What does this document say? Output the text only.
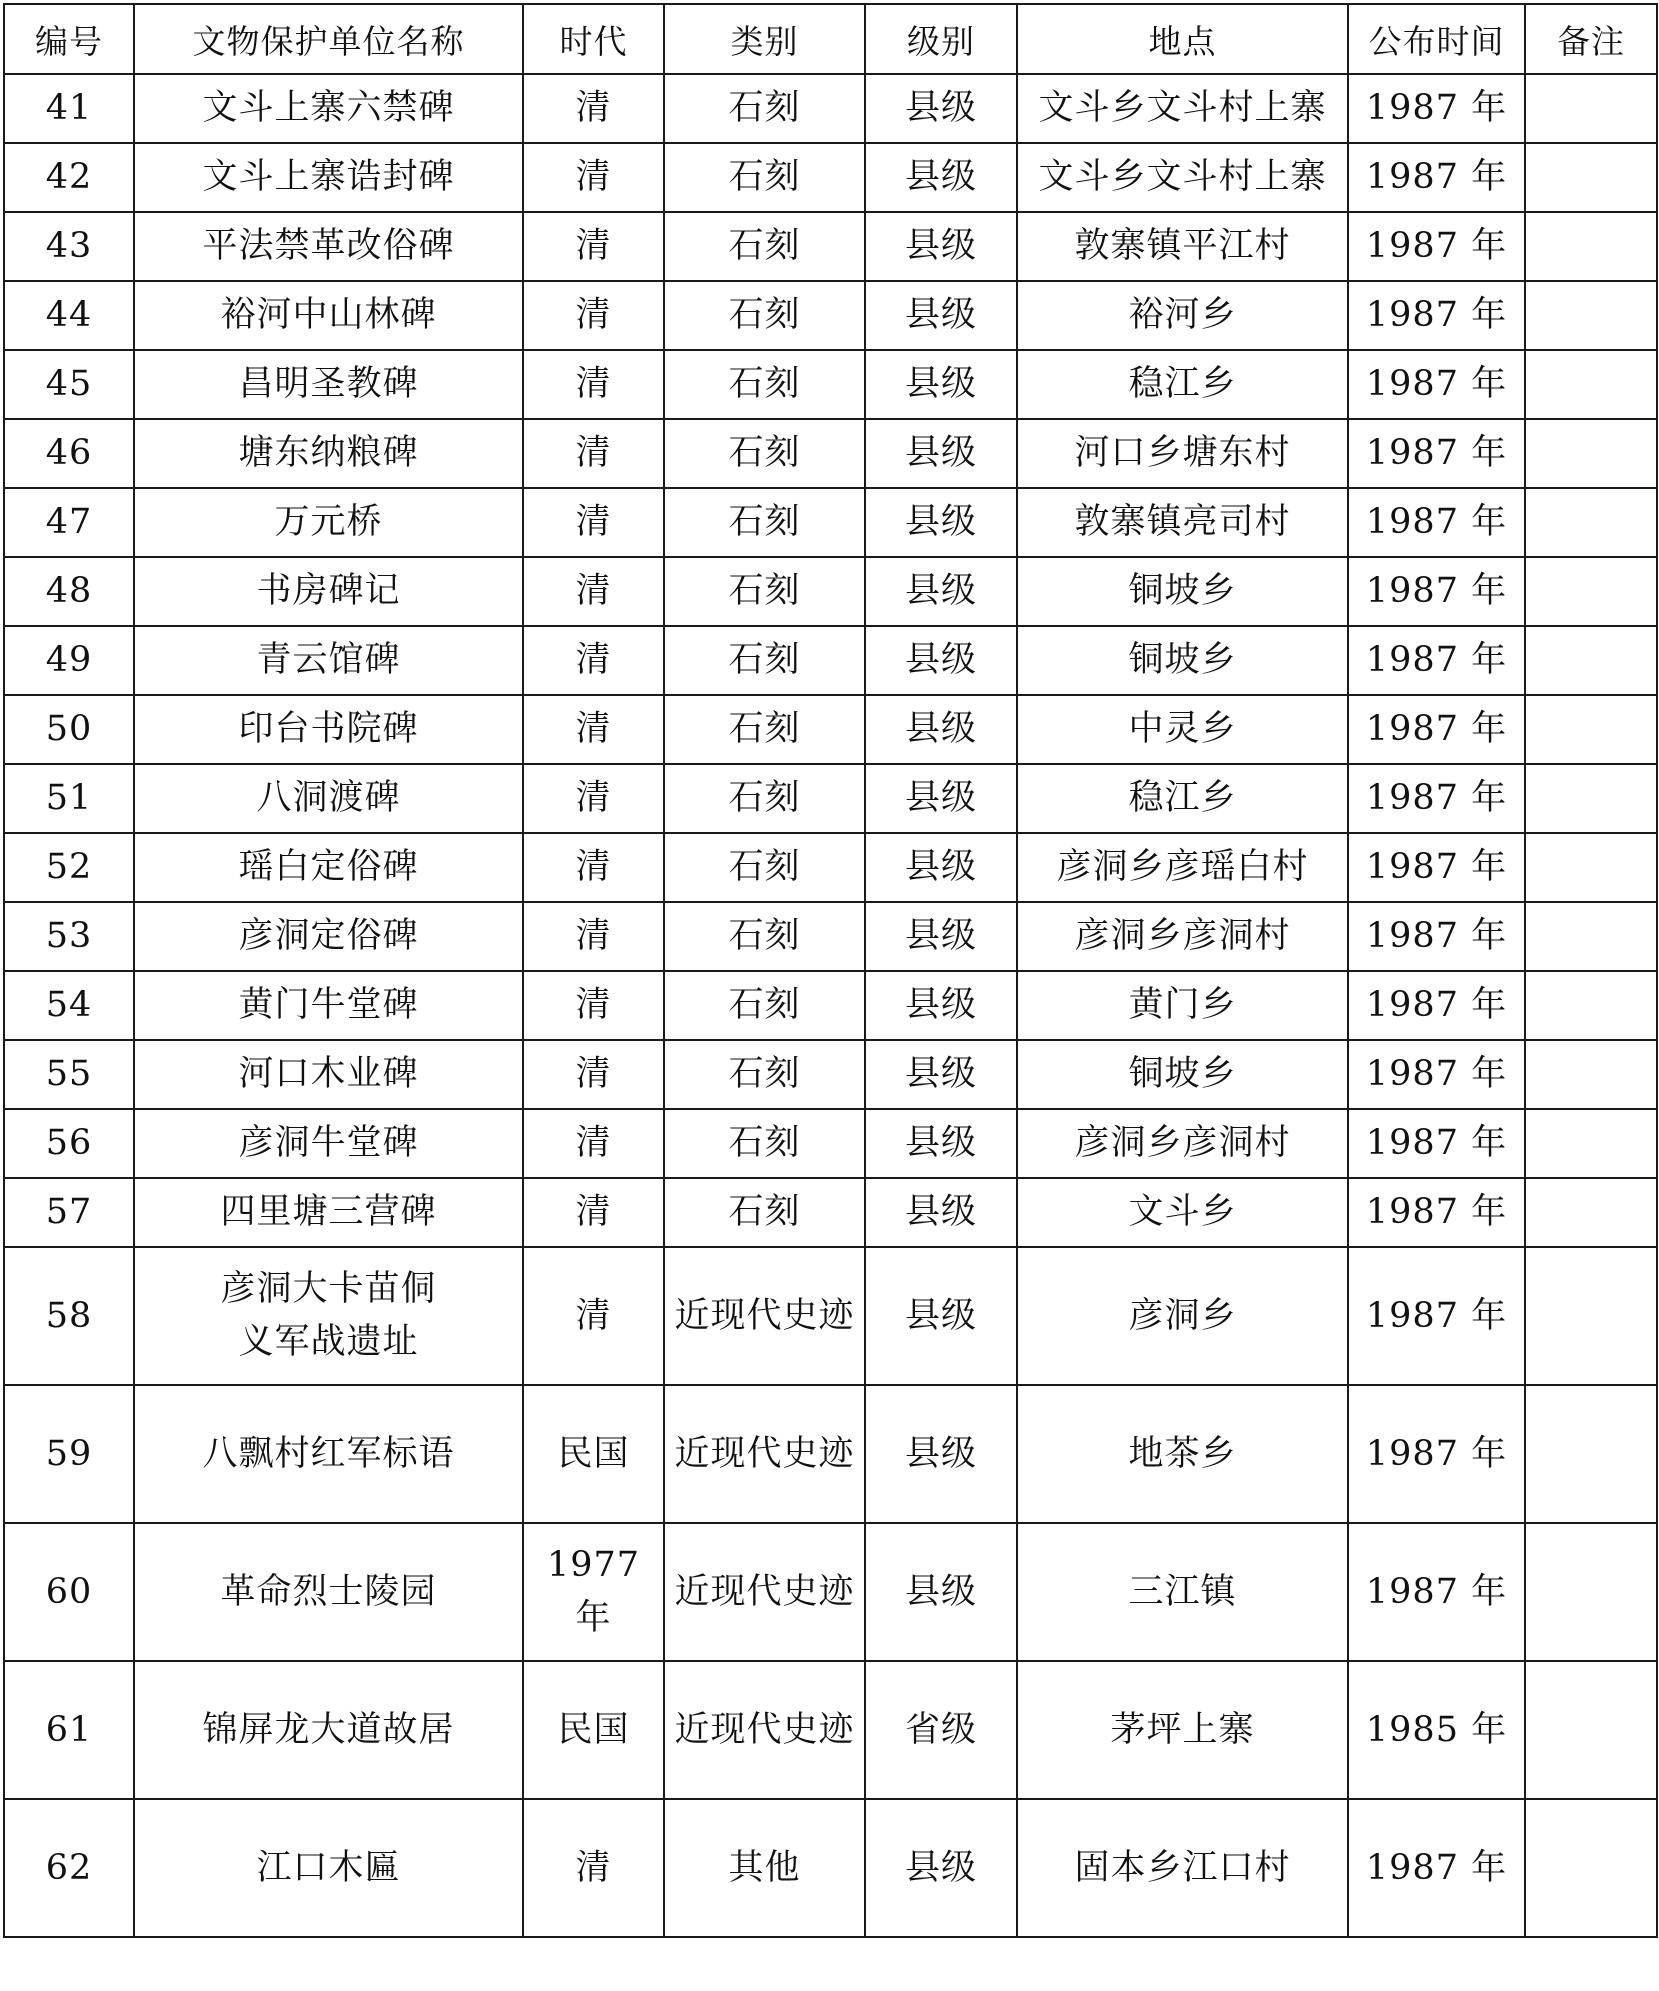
编号	文物保护单位名称	时代	类别	级别	地点	公布时间	备注
41	文斗上寨六禁碑	清	石刻	县级	文斗乡文斗村上寨	1987 年	
42	文斗上寨诰封碑	清	石刻	县级	文斗乡文斗村上寨	1987 年	
43	平法禁革改俗碑	清	石刻	县级	敦寨镇平江村	1987 年	
44	裕河中山林碑	清	石刻	县级	裕河乡	1987 年	
45	昌明圣教碑	清	石刻	县级	稳江乡	1987 年	
46	塘东纳粮碑	清	石刻	县级	河口乡塘东村	1987 年	
47	万元桥	清	石刻	县级	敦寨镇亮司村	1987 年	
48	书房碑记	清	石刻	县级	铜坡乡	1987 年	
49	青云馆碑	清	石刻	县级	铜坡乡	1987 年	
50	印台书院碑	清	石刻	县级	中灵乡	1987 年	
51	八洞渡碑	清	石刻	县级	稳江乡	1987 年	
52	瑶白定俗碑	清	石刻	县级	彦洞乡彦瑶白村	1987 年	
53	彦洞定俗碑	清	石刻	县级	彦洞乡彦洞村	1987 年	
54	黄门牛堂碑	清	石刻	县级	黄门乡	1987 年	
55	河口木业碑	清	石刻	县级	铜坡乡	1987 年	
56	彦洞牛堂碑	清	石刻	县级	彦洞乡彦洞村	1987 年	
57	四里塘三营碑	清	石刻	县级	文斗乡	1987 年	
58	彦洞大卡苗侗
义军战遗址	清	近现代史迹	县级	彦洞乡	1987 年	
59	八飘村红军标语	民国	近现代史迹	县级	地茶乡	1987 年	
60	革命烈士陵园	1977 年	近现代史迹	县级	三江镇	1987 年	
61	锦屏龙大道故居	民国	近现代史迹	省级	茅坪上寨	1985 年	
62	江口木匾	清	其他	县级	固本乡江口村	1987 年	
